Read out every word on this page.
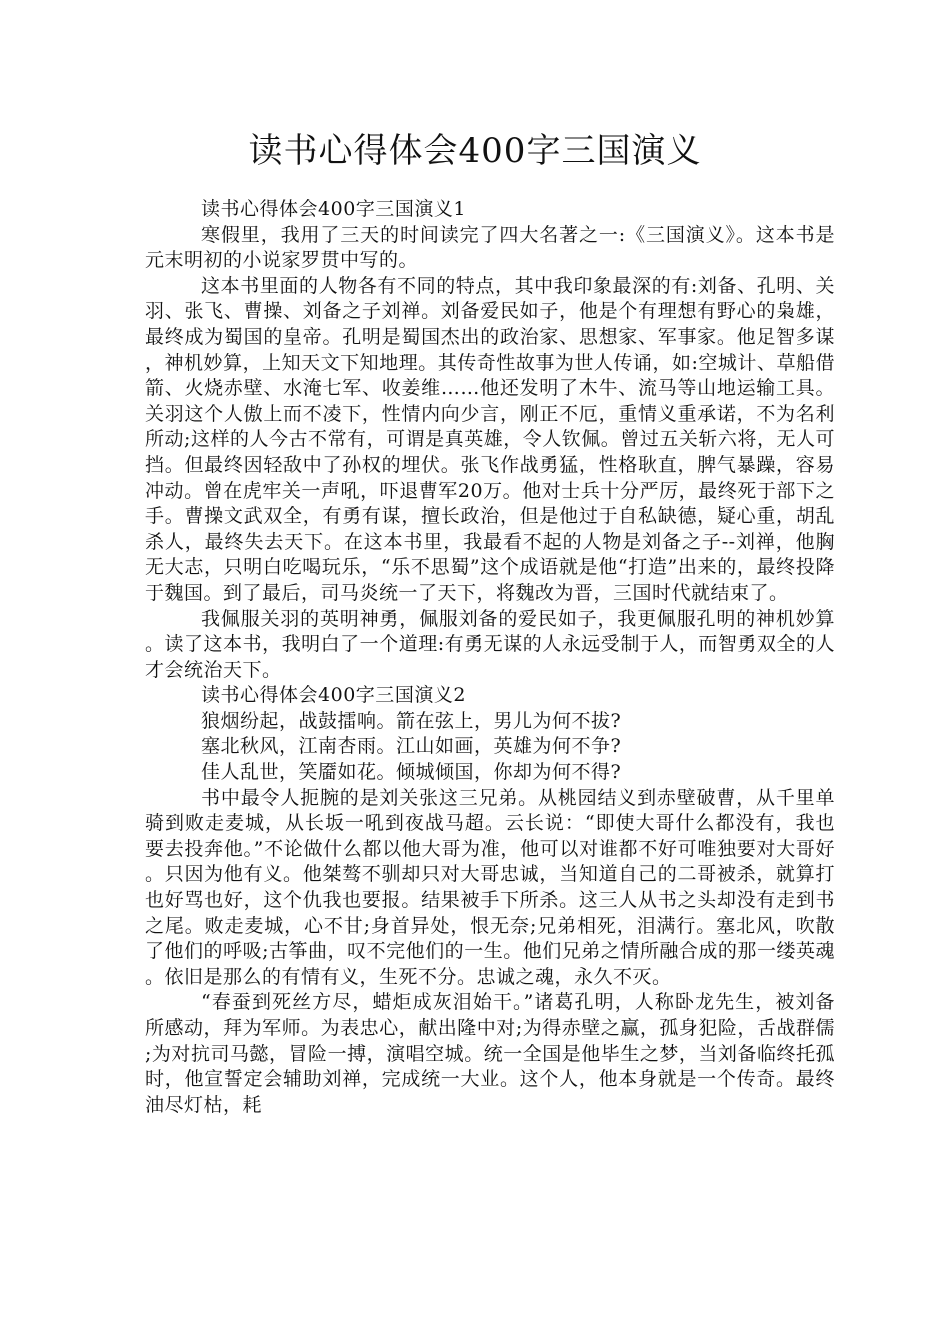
读书心得体会400字三国演义

读书心得体会400字三国演义1

寒假里，我用了三天的时间读完了四大名著之一:《三国演义》。这本书是元末明初的小说家罗贯中写的。

这本书里面的人物各有不同的特点，其中我印象最深的有:刘备、孔明、关羽、张飞、曹操、刘备之子刘禅。刘备爱民如子，他是个有理想有野心的枭雄，最终成为蜀国的皇帝。孔明是蜀国杰出的政治家、思想家、军事家。他足智多谋，神机妙算，上知天文下知地理。其传奇性故事为世人传诵，如:空城计、草船借箭、火烧赤壁、水淹七军、收姜维……他还发明了木牛、流马等山地运输工具。关羽这个人傲上而不凌下，性情内向少言，刚正不厄，重情义重承诺，不为名利所动;这样的人今古不常有，可谓是真英雄，令人钦佩。曾过五关斩六将，无人可挡。但最终因轻敌中了孙权的埋伏。张飞作战勇猛，性格耿直，脾气暴躁，容易冲动。曾在虎牢关一声吼，吓退曹军20万。他对士兵十分严厉，最终死于部下之手。曹操文武双全，有勇有谋，擅长政治，但是他过于自私缺德，疑心重，胡乱杀人，最终失去天下。在这本书里，我最看不起的人物是刘备之子--刘禅，他胸无大志，只明白吃喝玩乐，“乐不思蜀”这个成语就是他“打造”出来的，最终投降于魏国。到了最后，司马炎统一了天下，将魏改为晋，三国时代就结束了。

我佩服关羽的英明神勇，佩服刘备的爱民如子，我更佩服孔明的神机妙算。读了这本书，我明白了一个道理:有勇无谋的人永远受制于人，而智勇双全的人才会统治天下。

读书心得体会400字三国演义2

狼烟纷起，战鼓擂响。箭在弦上，男儿为何不拔?

塞北秋风，江南杏雨。江山如画，英雄为何不争?

佳人乱世，笑靥如花。倾城倾国，你却为何不得?

书中最令人扼腕的是刘关张这三兄弟。从桃园结义到赤壁破曹，从千里单骑到败走麦城，从长坂一吼到夜战马超。云长说：“即使大哥什么都没有，我也要去投奔他。”不论做什么都以他大哥为准，他可以对谁都不好可唯独要对大哥好。只因为他有义。他桀骜不驯却只对大哥忠诚，当知道自己的二哥被杀，就算打也好骂也好，这个仇我也要报。结果被手下所杀。这三人从书之头却没有走到书之尾。败走麦城，心不甘;身首异处，恨无奈;兄弟相死，泪满行。塞北风，吹散了他们的呼吸;古筝曲，叹不完他们的一生。他们兄弟之情所融合成的那一缕英魂。依旧是那么的有情有义，生死不分。忠诚之魂，永久不灭。

“春蚕到死丝方尽，蜡炬成灰泪始干。”诸葛孔明，人称卧龙先生，被刘备所感动，拜为军师。为表忠心，献出隆中对;为得赤壁之赢，孤身犯险，舌战群儒;为对抗司马懿，冒险一搏，演唱空城。统一全国是他毕生之梦，当刘备临终托孤时，他宣誓定会辅助刘禅，完成统一大业。这个人，他本身就是一个传奇。最终油尽灯枯，耗
